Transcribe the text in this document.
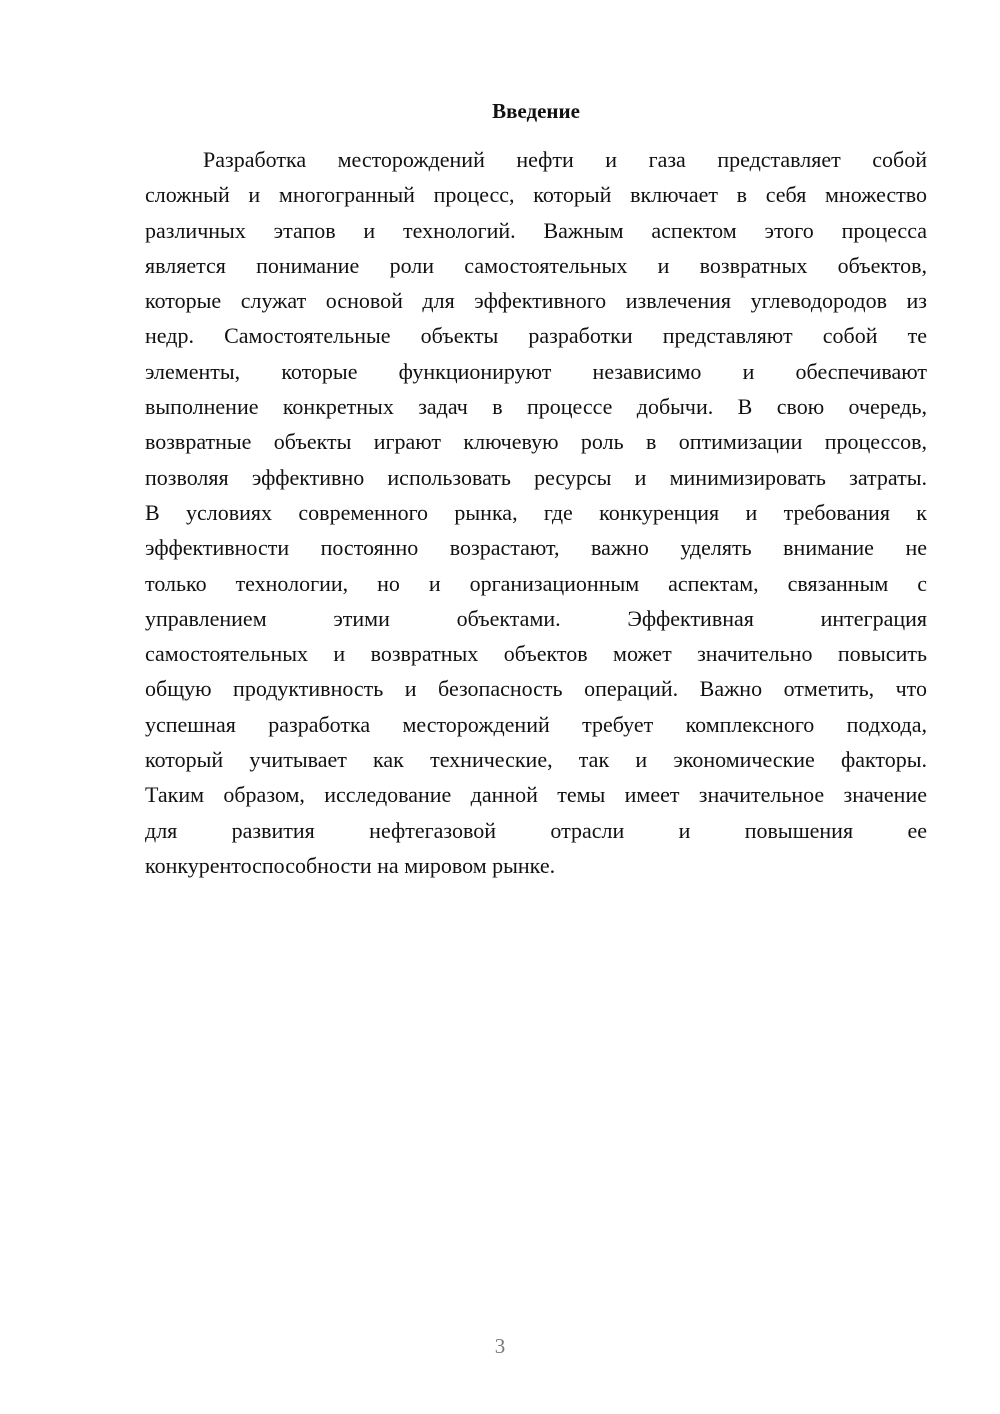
Введение
Разработка месторождений нефти и газа представляет собой
сложный и многогранный процесс, который включает в себя множество
различных этапов и технологий. Важным аспектом этого процесса
является понимание роли самостоятельных и возвратных объектов,
которые служат основой для эффективного извлечения углеводородов из
недр. Самостоятельные объекты разработки представляют собой те
элементы, которые функционируют независимо и обеспечивают
выполнение конкретных задач в процессе добычи. В свою очередь,
возвратные объекты играют ключевую роль в оптимизации процессов,
позволяя эффективно использовать ресурсы и минимизировать затраты.
В условиях современного рынка, где конкуренция и требования к
эффективности постоянно возрастают, важно уделять внимание не
только технологии, но и организационным аспектам, связанным с
управлением этими объектами. Эффективная интеграция
самостоятельных и возвратных объектов может значительно повысить
общую продуктивность и безопасность операций. Важно отметить, что
успешная разработка месторождений требует комплексного подхода,
который учитывает как технические, так и экономические факторы.
Таким образом, исследование данной темы имеет значительное значение
для развития нефтегазовой отрасли и повышения ее
конкурентоспособности на мировом рынке.
3
